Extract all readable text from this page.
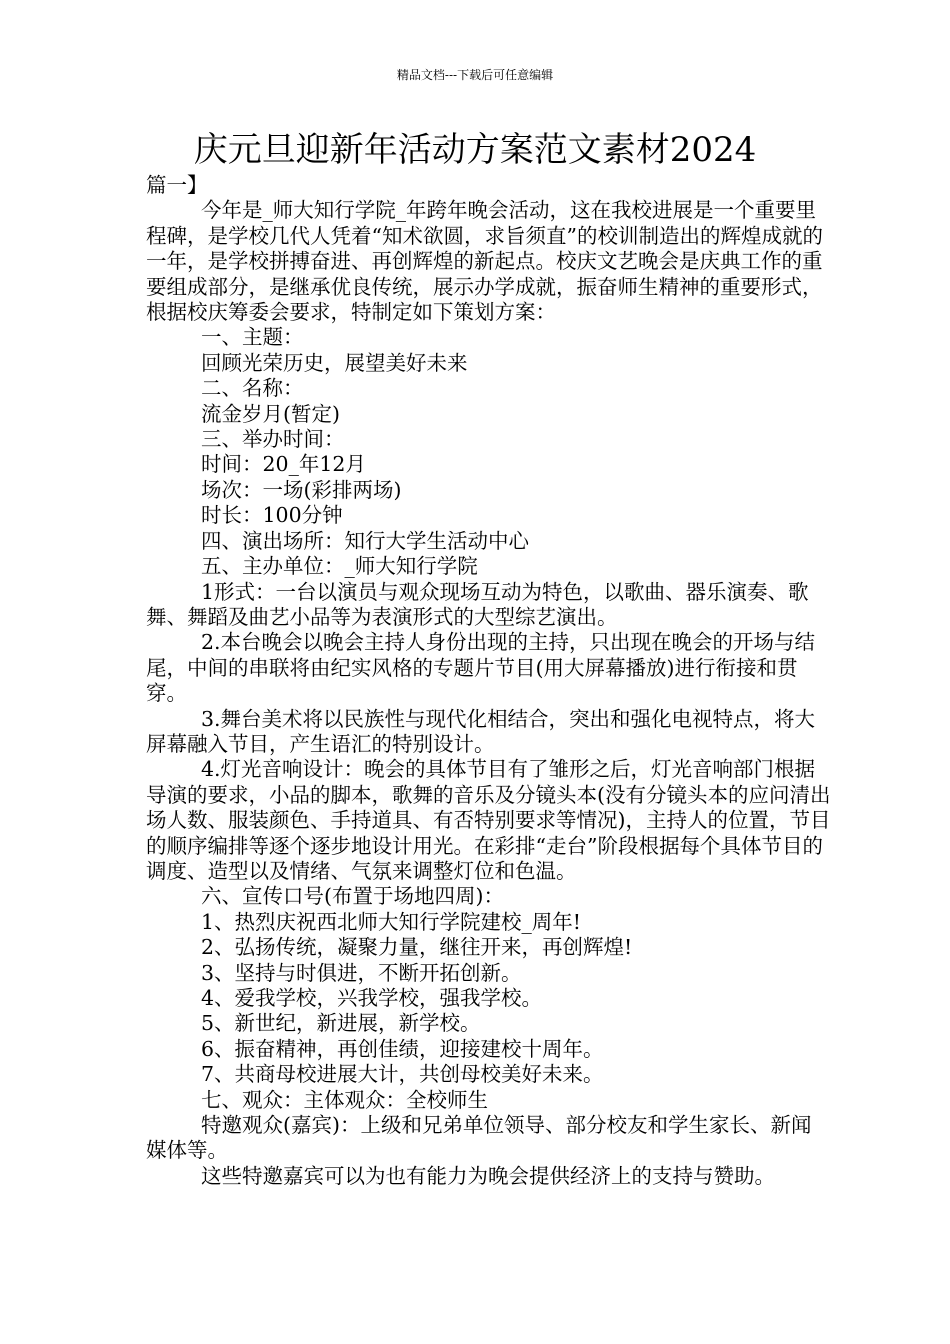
精品文档---下载后可任意编辑
庆元旦迎新年活动方案范文素材2024

篇一】

今年是_师大知行学院_年跨年晚会活动，这在我校进展是一个重要里程碑，是学校几代人凭着“知术欲圆，求旨须直”的校训制造出的辉煌成就的一年，是学校拼搏奋进、再创辉煌的新起点。校庆文艺晚会是庆典工作的重要组成部分，是继承优良传统，展示办学成就，振奋师生精神的重要形式，根据校庆筹委会要求，特制定如下策划方案：

一、主题：

回顾光荣历史，展望美好未来

二、名称：

流金岁月(暂定)

三、举办时间：

时间：20_年12月

场次：一场(彩排两场)

时长：100分钟

四、演出场所：知行大学生活动中心

五、主办单位：_师大知行学院

1形式：一台以演员与观众现场互动为特色，以歌曲、器乐演奏、歌舞、舞蹈及曲艺小品等为表演形式的大型综艺演出。

2.本台晚会以晚会主持人身份出现的主持，只出现在晚会的开场与结尾，中间的串联将由纪实风格的专题片节目(用大屏幕播放)进行衔接和贯穿。

3.舞台美术将以民族性与现代化相结合，突出和强化电视特点，将大屏幕融入节目，产生语汇的特别设计。

4.灯光音响设计：晚会的具体节目有了雏形之后，灯光音响部门根据导演的要求，小品的脚本，歌舞的音乐及分镜头本(没有分镜头本的应问清出场人数、服装颜色、手持道具、有否特别要求等情况)，主持人的位置，节目的顺序编排等逐个逐步地设计用光。在彩排“走台”阶段根据每个具体节目的调度、造型以及情绪、气氛来调整灯位和色温。

六、宣传口号(布置于场地四周)：

1、热烈庆祝西北师大知行学院建校_周年!

2、弘扬传统，凝聚力量，继往开来，再创辉煌!

3、坚持与时俱进，不断开拓创新。

4、爱我学校，兴我学校，强我学校。

5、新世纪，新进展，新学校。

6、振奋精神，再创佳绩，迎接建校十周年。

7、共商母校进展大计，共创母校美好未来。

七、观众：主体观众：全校师生

特邀观众(嘉宾)：上级和兄弟单位领导、部分校友和学生家长、新闻媒体等。

这些特邀嘉宾可以为也有能力为晚会提供经济上的支持与赞助。
